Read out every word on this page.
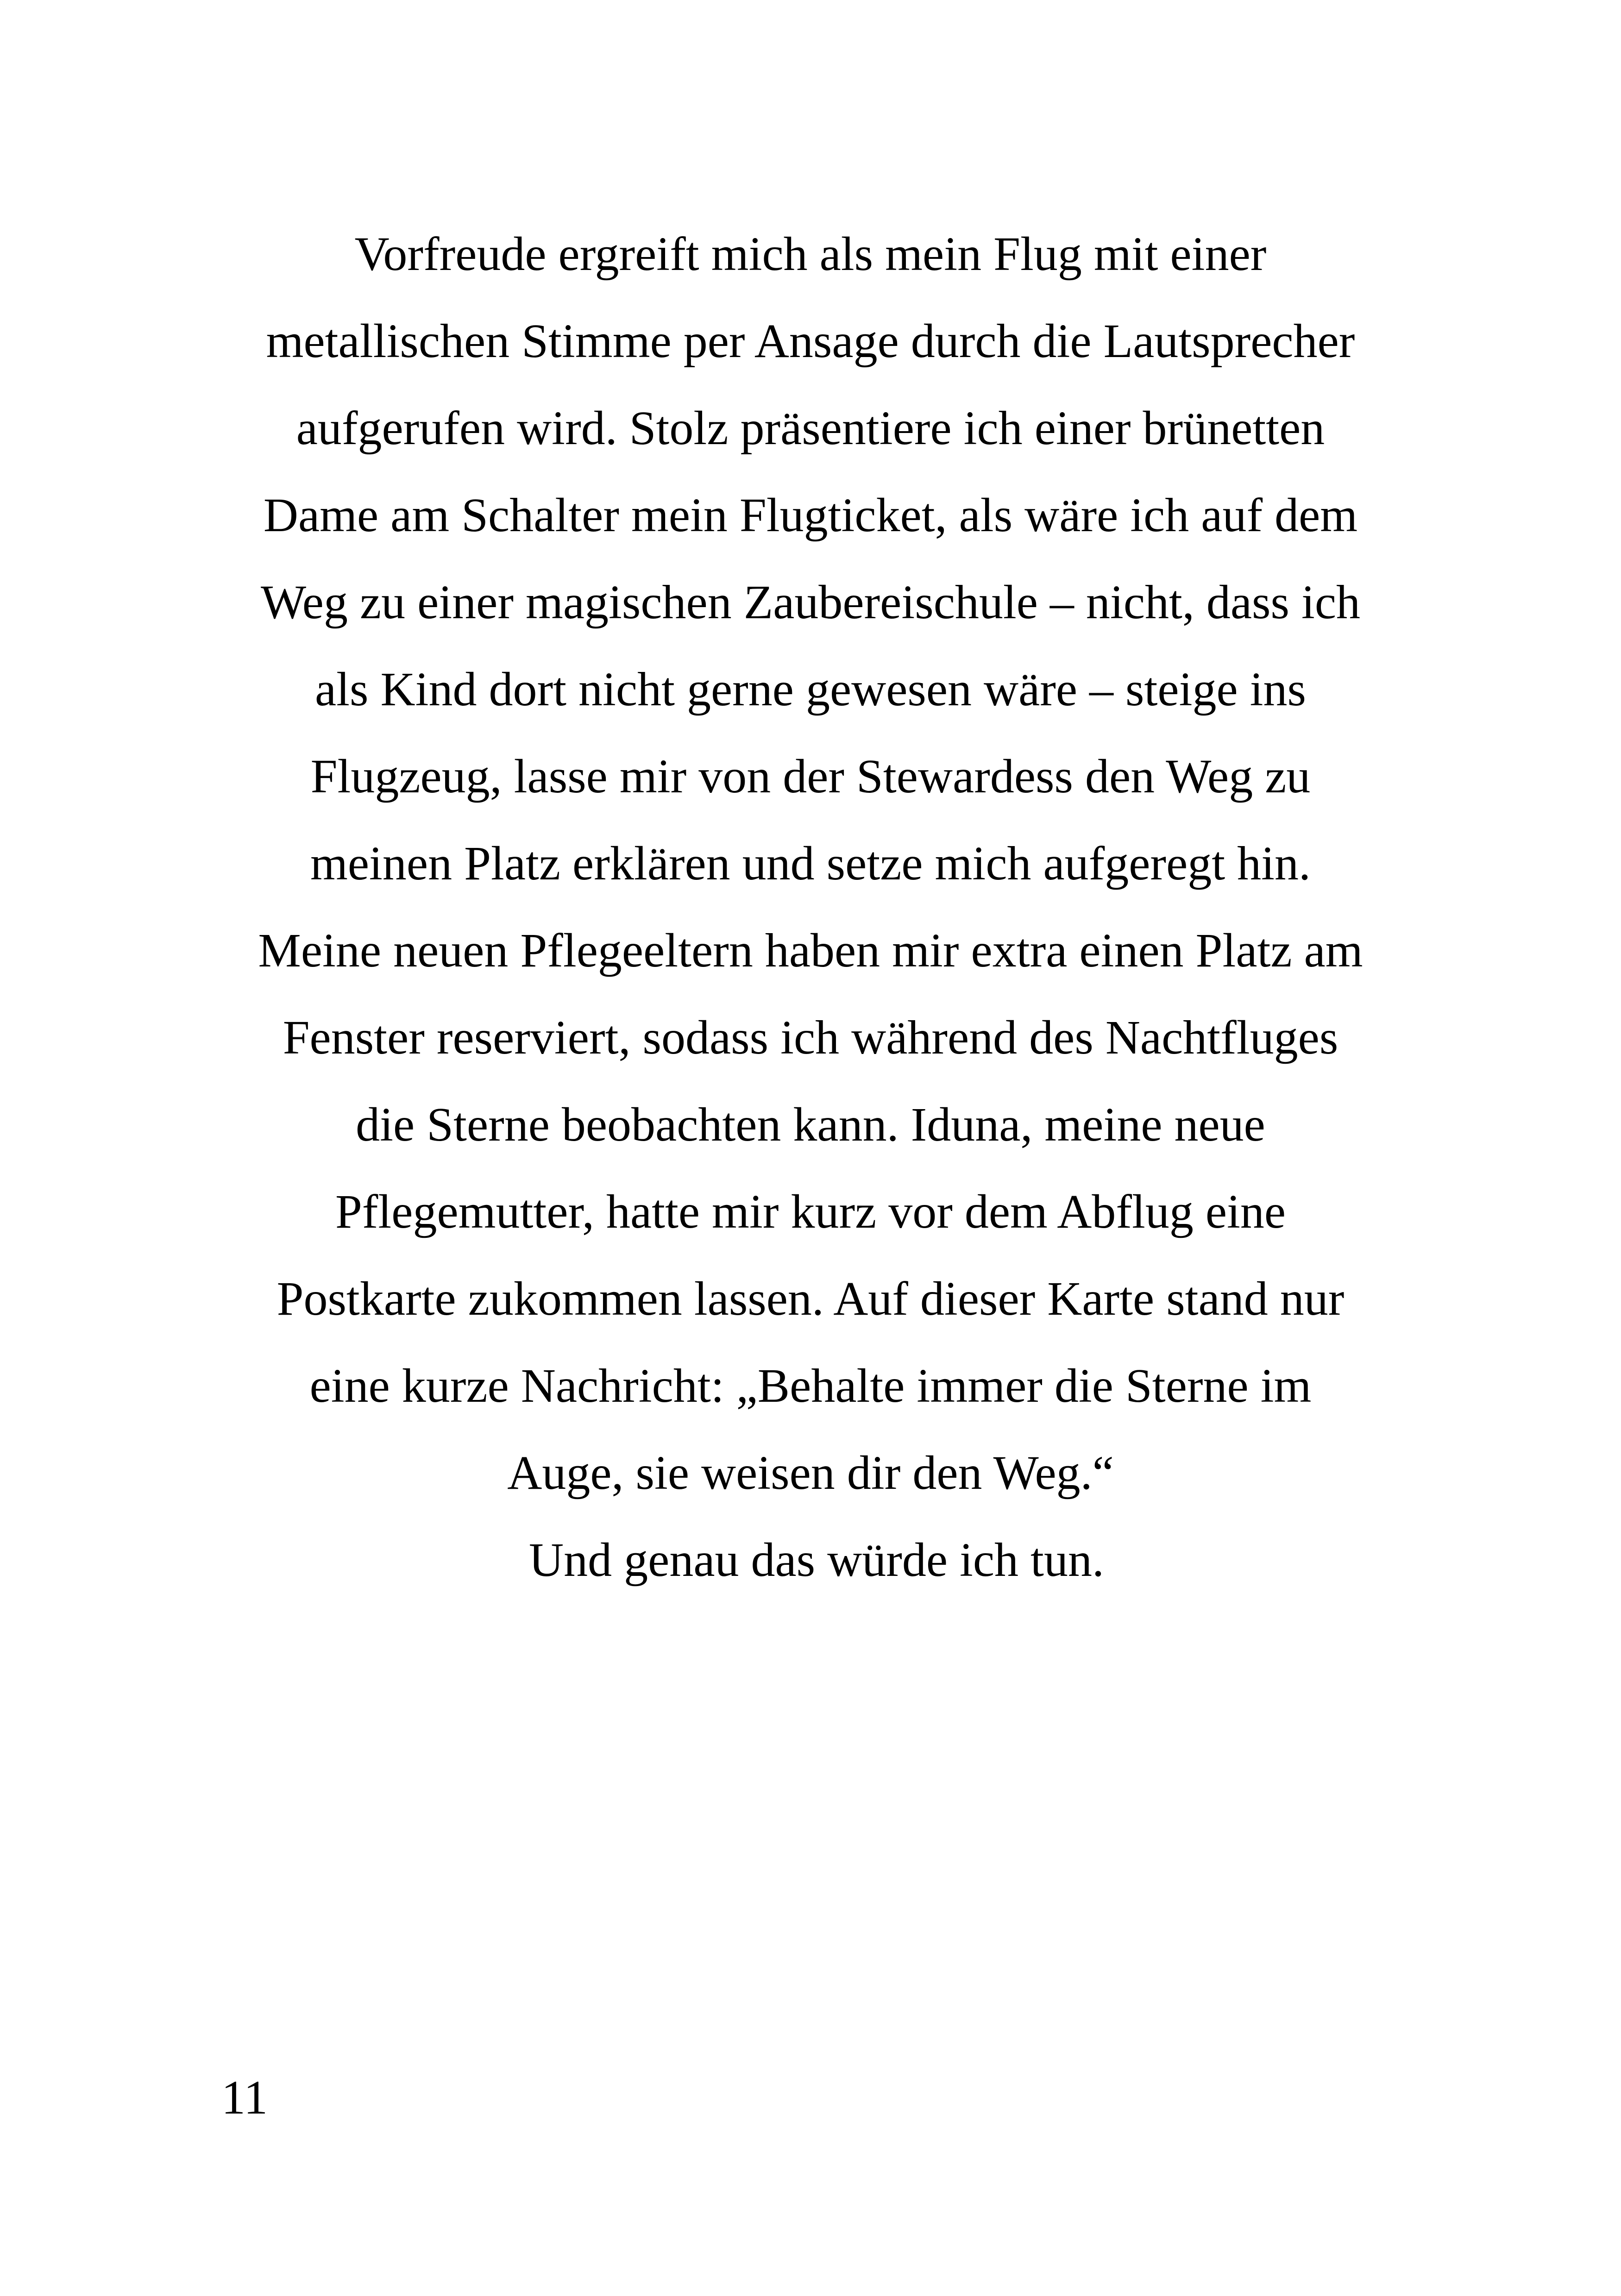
Vorfreude ergreift mich als mein Flug mit einer
metallischen Stimme per Ansage durch die Lautsprecher
aufgerufen wird. Stolz präsentiere ich einer brünetten
Dame am Schalter mein Flugticket, als wäre ich auf dem
Weg zu einer magischen Zaubereischule – nicht, dass ich
als Kind dort nicht gerne gewesen wäre – steige ins
Flugzeug, lasse mir von der Stewardess den Weg zu
meinen Platz erklären und setze mich aufgeregt hin.
Meine neuen Pflegeeltern haben mir extra einen Platz am
Fenster reserviert, sodass ich während des Nachtfluges
die Sterne beobachten kann. Iduna, meine neue
Pflegemutter, hatte mir kurz vor dem Abflug eine
Postkarte zukommen lassen. Auf dieser Karte stand nur
eine kurze Nachricht: „Behalte immer die Sterne im
Auge, sie weisen dir den Weg.“
Und genau das würde ich tun.
11
